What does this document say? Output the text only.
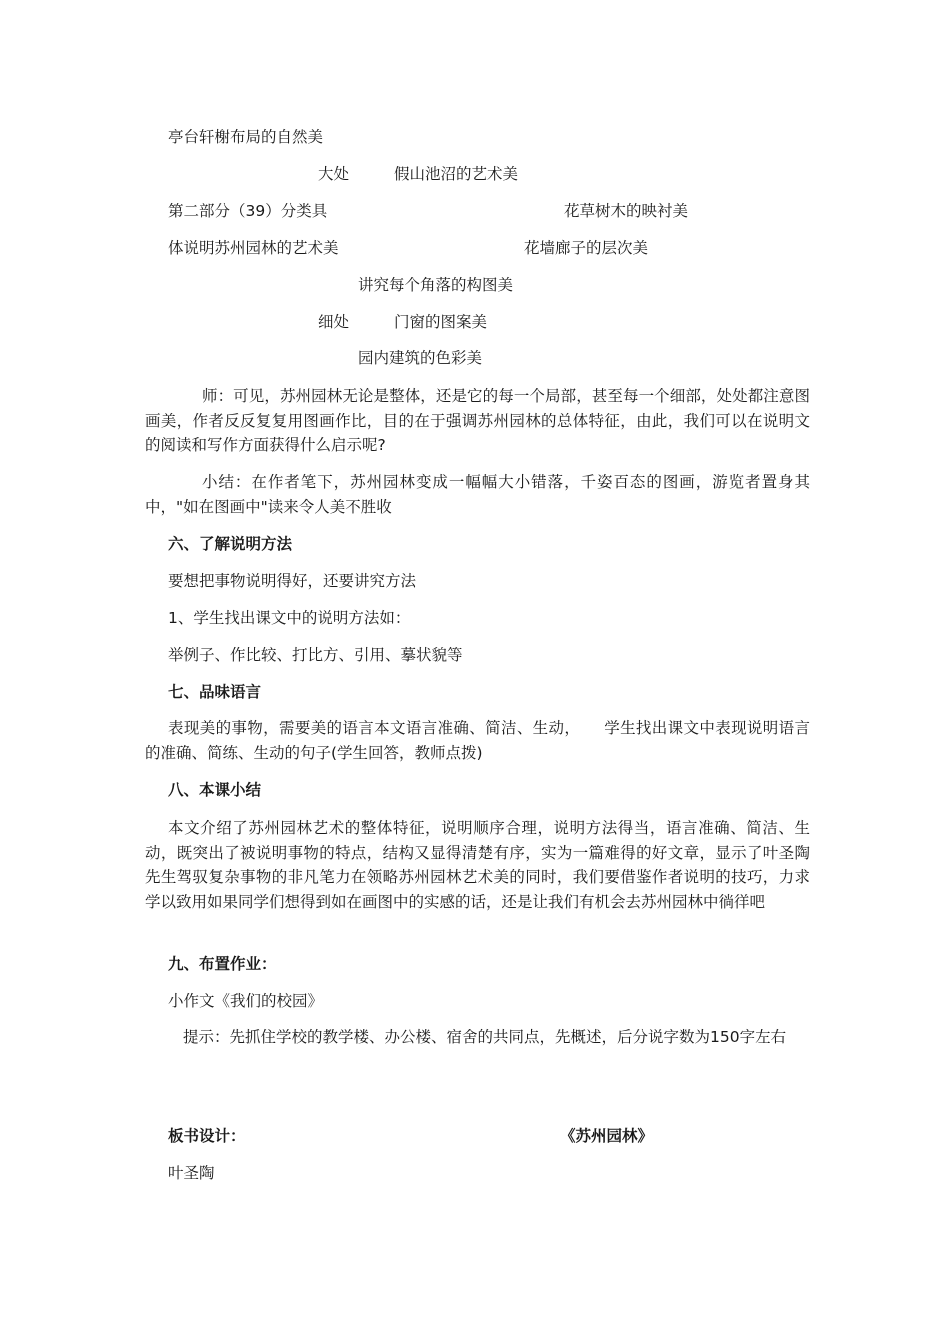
亭台轩榭布局的自然美
大处	假山池沼的艺术美
第二部分（39）分类具	花草树木的映衬美
体说明苏州园林的艺术美	花墙廊子的层次美
讲究每个角落的构图美
细处	门窗的图案美
园内建筑的色彩美
师：可见，苏州园林无论是整体，还是它的每一个局部，甚至每一个细部，处处都注意图画美，作者反反复复用图画作比，目的在于强调苏州园林的总体特征，由此，我们可以在说明文的阅读和写作方面获得什么启示呢?
小结：在作者笔下，苏州园林变成一幅幅大小错落，千姿百态的图画，游览者置身其中，"如在图画中"读来令人美不胜收
六、了解说明方法
要想把事物说明得好，还要讲究方法
1、学生找出课文中的说明方法如：
举例子、作比较、打比方、引用、摹状貌等
七、品味语言
表现美的事物，需要美的语言本文语言准确、简洁、生动，　　学生找出课文中表现说明语言的准确、简练、生动的句子(学生回答，教师点拨)
八、本课小结
本文介绍了苏州园林艺术的整体特征，说明顺序合理，说明方法得当，语言准确、简洁、生动，既突出了被说明事物的特点，结构又显得清楚有序，实为一篇难得的好文章，显示了叶圣陶先生驾驭复杂事物的非凡笔力在领略苏州园林艺术美的同时，我们要借鉴作者说明的技巧，力求学以致用如果同学们想得到如在画图中的实感的话，还是让我们有机会去苏州园林中徜徉吧
九、布置作业：
小作文《我们的校园》
提示：先抓住学校的教学楼、办公楼、宿舍的共同点，先概述，后分说字数为150字左右
板书设计：	《苏州园林》
叶圣陶
